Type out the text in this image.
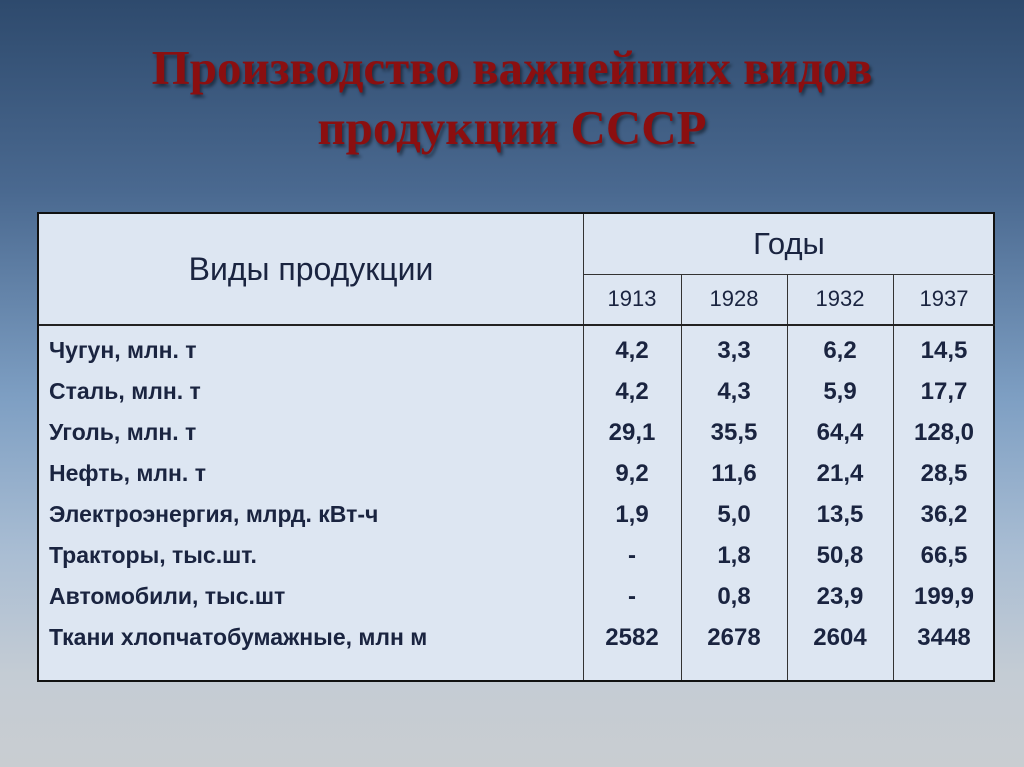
Производство важнейших видов
продукции СССР
Виды продукции
Годы
1913	1928	1932	1937
Чугун, млн. т	4,2	3,3	6,2	14,5
Сталь, млн. т	4,2	4,3	5,9	17,7
Уголь, млн. т	29,1	35,5	64,4	128,0
Нефть, млн. т	9,2	11,6	21,4	28,5
Электроэнергия, млрд. кВт-ч	1,9	5,0	13,5	36,2
Тракторы, тыс.шт.	-	1,8	50,8	66,5
Автомобили, тыс.шт	-	0,8	23,9	199,9
Ткани хлопчатобумажные, млн м	2582	2678	2604	3448
